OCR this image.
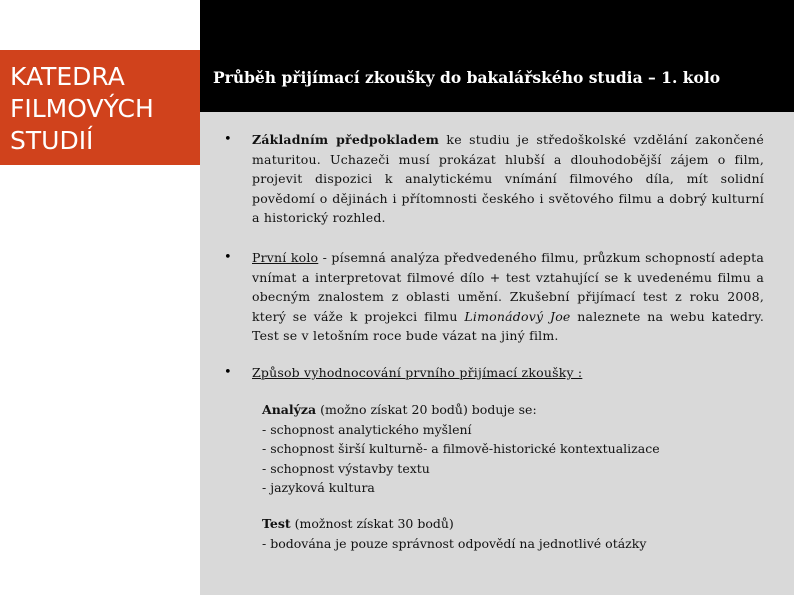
KATEDRA
FILMOVÝCH
STUDIÍ
Průběh přijímací zkoušky do bakalářského studia – 1. kolo
• Základním předpokladem ke studiu je středoškolské vzdělání zakončené maturitou. Uchazeči musí prokázat hlubší a dlouhodobější zájem o film, projevit dispozici k analytickému vnímání filmového díla, mít solidní povědomí o dějinách i přítomnosti českého i světového filmu a dobrý kulturní a historický rozhled.
• První kolo - písemná analýza předvedeného filmu, průzkum schopností adepta vnímat a interpretovat filmové dílo + test vztahující se k uvedenému filmu a obecným znalostem z oblasti umění. Zkušební přijímací test z roku 2008, který se váže k projekci filmu Limonádový Joe naleznete na webu katedry. Test se v letošním roce bude vázat na jiný film.
• Způsob vyhodnocování prvního přijímací zkoušky :
Analýza (možno získat 20 bodů) boduje se:
- schopnost analytického myšlení
- schopnost širší kulturně- a filmově-historické kontextualizace
- schopnost výstavby textu
- jazyková kultura
Test (možnost získat 30 bodů)
- bodována je pouze správnost odpovědí na jednotlivé otázky
